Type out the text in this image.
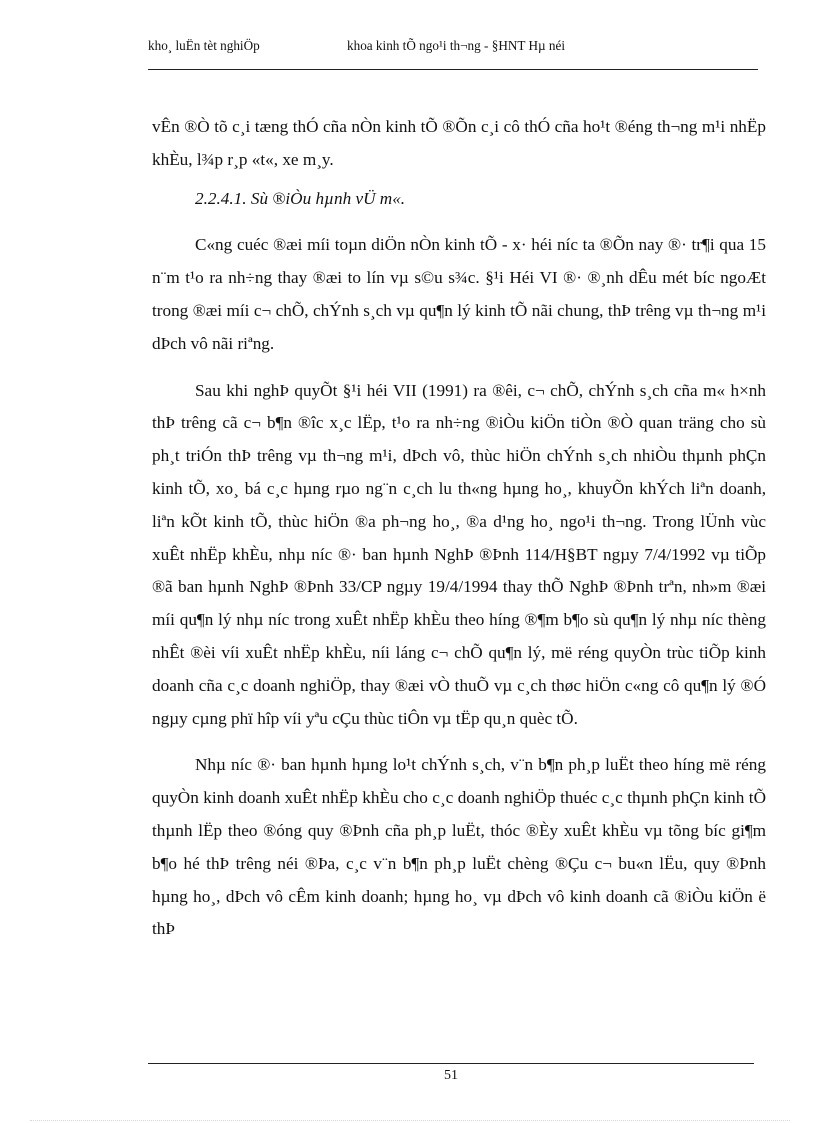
kho¸ luËn tèt nghiÖp	khoa kinh tÕ ngo¹i th¬ng - §HNT Hµ néi

vÊn ®Ò tõ c¸i tæng thÓ cña nÒn kinh tÕ ®Õn c¸i cô thÓ cña ho¹t ®éng th¬ng m¹i nhËp khÈu, l¾p r¸p «t«, xe m¸y.

2.2.4.1. Sù ®iÒu hµnh vÜ m«.

C«ng cuéc ®æi míi toµn diÖn nÒn kinh tÕ - x· héi níc ta ®Õn nay ®· tr¶i qua 15 n¨m t¹o ra nh÷ng thay ®æi to lín vµ s©u s¾c. §¹i Héi VI ®· ®¸nh dÊu mét bíc ngoÆt trong ®æi míi c¬ chÕ, chÝnh s¸ch vµ qu¶n lý kinh tÕ nãi chung, thÞ trêng vµ th¬ng m¹i dÞch vô nãi riªng.

Sau khi nghÞ quyÕt §¹i héi VII (1991) ra ®êi, c¬ chÕ, chÝnh s¸ch cña m« h×nh thÞ trêng cã c¬ b¶n ®îc x¸c lËp, t¹o ra nh÷ng ®iÒu kiÖn tiÒn ®Ò quan träng cho sù ph¸t triÓn thÞ trêng vµ th¬ng m¹i, dÞch vô, thùc hiÖn chÝnh s¸ch nhiÒu thµnh phÇn kinh tÕ, xo¸ bá c¸c hµng rµo ng¨n c¸ch lu th«ng hµng ho¸, khuyÕn khÝch liªn doanh, liªn kÕt kinh tÕ, thùc hiÖn ®a ph¬ng ho¸, ®a d¹ng ho¸ ngo¹i th¬ng. Trong lÜnh vùc xuÊt nhËp khÈu, nhµ níc ®· ban hµnh NghÞ ®Þnh 114/H§BT ngµy 7/4/1992 vµ tiÕp ®ã ban hµnh NghÞ ®Þnh 33/CP ngµy 19/4/1994 thay thÕ NghÞ ®Þnh trªn, nh»m ®æi míi qu¶n lý nhµ níc trong xuÊt nhËp khÈu theo híng ®¶m b¶o sù qu¶n lý nhµ níc thèng nhÊt ®èi víi xuÊt nhËp khÈu, níi láng c¬ chÕ qu¶n lý, më réng quyÒn trùc tiÕp kinh doanh cña c¸c doanh nghiÖp, thay ®æi vÒ thuÕ vµ c¸ch thøc hiÖn c«ng cô qu¶n lý ®Ó ngµy cµng phï hîp víi yªu cÇu thùc tiÔn vµ tËp qu¸n quèc tÕ.

Nhµ níc ®· ban hµnh hµng lo¹t chÝnh s¸ch, v¨n b¶n ph¸p luËt theo híng më réng quyÒn kinh doanh xuÊt nhËp khÈu cho c¸c doanh nghiÖp thuéc c¸c thµnh phÇn kinh tÕ thµnh lËp theo ®óng quy ®Þnh cña ph¸p luËt, thóc ®Èy xuÊt khÈu vµ tõng bíc gi¶m b¶o hé thÞ trêng néi ®Þa, c¸c v¨n b¶n ph¸p luËt chèng ®Çu c¬ bu«n lËu, quy ®Þnh hµng ho¸, dÞch vô cÊm kinh doanh; hµng ho¸ vµ dÞch vô kinh doanh cã ®iÒu kiÖn ë thÞ

51
